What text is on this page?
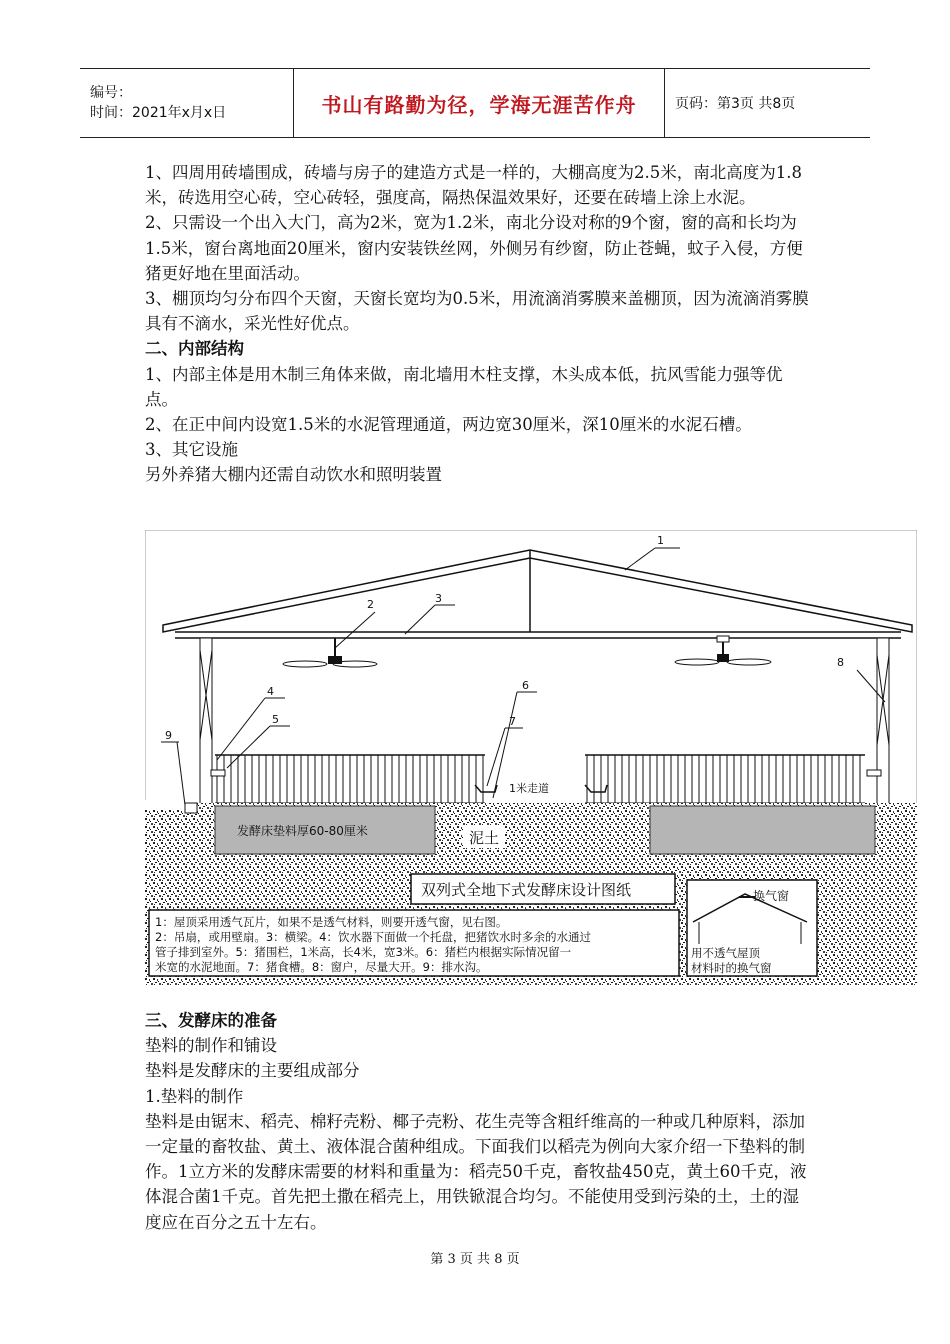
编号：
时间：2021年x月x日	书山有路勤为径，学海无涯苦作舟	页码：第3页 共8页

1、四周用砖墙围成，砖墙与房子的建造方式是一样的，大棚高度为2.5米，南北高度为1.8米，砖选用空心砖，空心砖轻，强度高，隔热保温效果好，还要在砖墙上涂上水泥。

2、只需设一个出入大门，高为2米，宽为1.2米，南北分设对称的9个窗，窗的高和长均为1.5米，窗台离地面20厘米，窗内安装铁丝网，外侧另有纱窗，防止苍蝇，蚊子入侵，方便猪更好地在里面活动。

3、棚顶均匀分布四个天窗，天窗长宽均为0.5米，用流滴消雾膜来盖棚顶，因为流滴消雾膜具有不滴水，采光性好优点。

二、内部结构

1、内部主体是用木制三角体来做，南北墙用木柱支撑，木头成本低，抗风雪能力强等优点。

2、在正中间内设宽1.5米的水泥管理通道，两边宽30厘米，深10厘米的水泥石槽。

3、其它设施

另外养猪大棚内还需自动饮水和照明装置

1米走道
发酵床垫料厚60-80厘米	泥土
双列式全地下式发酵床设计图纸
1：屋顶采用透气瓦片，如果不是透气材料，则要开透气窗，见右图。
2：吊扇，或用壁扇。3：横梁。4：饮水器下面做一个托盘，把猪饮水时多余的水通过
管子排到室外。5：猪围栏，1米高，长4米，宽3米。6：猪栏内根据实际情况留一
米宽的水泥地面。7：猪食槽。8：窗户，尽量大开。9：排水沟。
换气窗
用不透气屋顶
材料时的换气窗
1
2	3
4
5
6
7
8
9

三、发酵床的准备

垫料的制作和铺设

垫料是发酵床的主要组成部分

1.垫料的制作

垫料是由锯末、稻壳、棉籽壳粉、椰子壳粉、花生壳等含粗纤维高的一种或几种原料，添加一定量的畜牧盐、黄土、液体混合菌种组成。下面我们以稻壳为例向大家介绍一下垫料的制作。1立方米的发酵床需要的材料和重量为：稻壳50千克，畜牧盐450克，黄土60千克，液体混合菌1千克。首先把土撒在稻壳上，用铁锨混合均匀。不能使用受到污染的土，土的湿度应在百分之五十左右。

第 3 页 共 8 页
